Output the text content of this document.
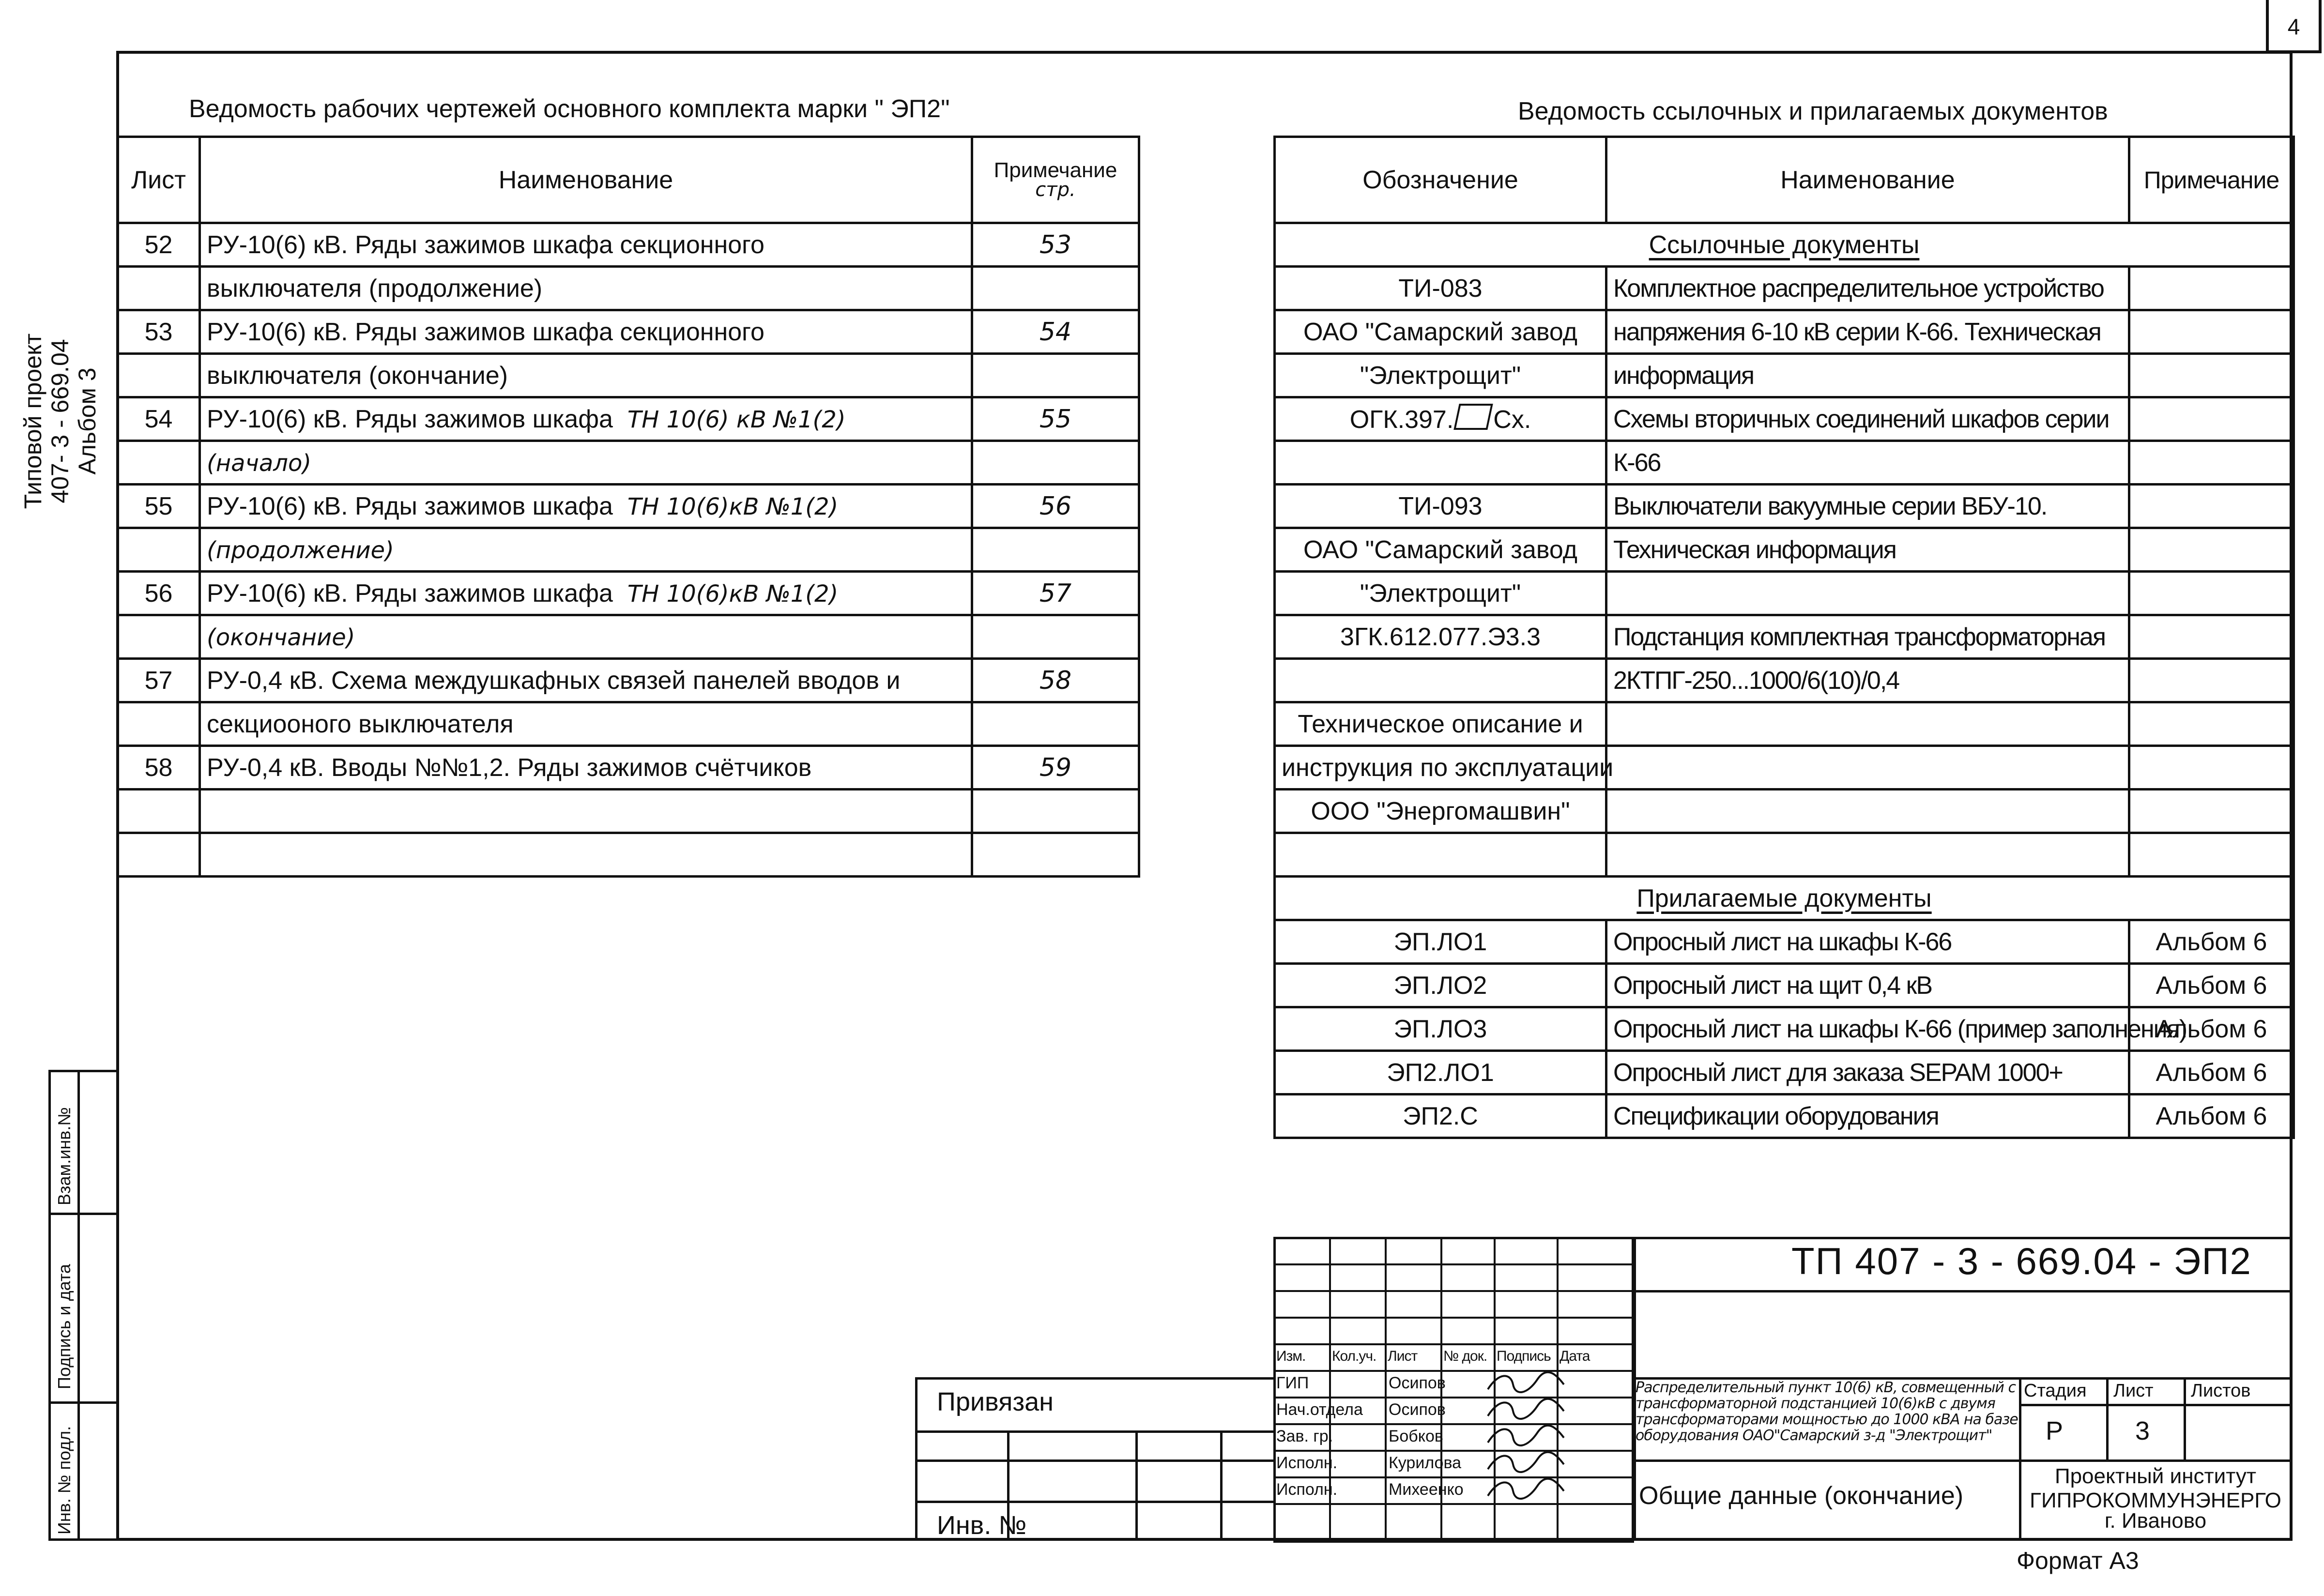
4
Типовой проект 407- 3 - 669.04 Альбом 3
Взам.инв.№
Подпись и дата
Инв. № подл.
Ведомость рабочих чертежей основного комплекта марки " ЭП2"
Лист	Наименование	Примечание
стр.

52	РУ-10(6) кВ. Ряды зажимов шкафа секционного	53
	выключателя (продолжение)	
53	РУ-10(6) кВ. Ряды зажимов шкафа секционного	54
	выключателя (окончание)	
54	РУ-10(6) кВ. Ряды зажимов шкафа ТН 10(6) кВ №1(2)	55
	(начало)	
55	РУ-10(6) кВ. Ряды зажимов шкафа ТН 10(6)кВ №1(2)	56
	(продолжение)	
56	РУ-10(6) кВ. Ряды зажимов шкафа ТН 10(6)кВ №1(2)	57
	(окончание)	
57	РУ-0,4 кВ. Схема междушкафных связей панелей вводов и	58
	секциооного выключателя	
58	РУ-0,4 кВ. Вводы №№1,2. Ряды зажимов счётчиков	59

Ведомость ссылочных и прилагаемых документов
Обозначение	Наименование	Примечание
Ссылочные документы		
ТИ-083	Комплектное распределительное устройство	
ОАО "Самарский завод	напряжения 6-10 кВ серии К-66. Техническая	
"Электрощит"	информация	
ОГК.397. Сх.	Схемы вторичных соединений шкафов серии	
	К-66	
ТИ-093	Выключатели вакуумные серии ВБУ-10.	
ОАО "Самарский завод	Техническая информация	
"Электрощит"		
3ГК.612.077.Э3.3	Подстанция комплектная трансформаторная	
	2КТПГ-250...1000/6(10)/0,4	
Техническое описание и		
инструкция по эксплуатации		
ООО "Энергомашвин"		

Прилагаемые документы		
ЭП.ЛО1	Опросный лист на шкафы К-66	Альбом 6
ЭП.ЛО2	Опросный лист на щит 0,4 кВ	Альбом 6
ЭП.ЛО3	Опросный лист на шкафы К-66 (пример заполнения)	Альбом 6
ЭП2.ЛО1	Опросный лист для заказа SEPAM 1000+	Альбом 6
ЭП2.С	Спецификации оборудования	Альбом 6
Изм. Кол.уч. Лист № док. Подпись Дата
ГИП	Осипов
Нач.отдела Осипов
Зав. гр.	Бобков
Исполн.	Курилова
Исполн.	Михеенко
ТП 407 - 3 - 669.04 - ЭП2
Распределительный пункт 10(6) кВ, совмещенный с трансформаторной подстанцией 10(6)кВ с двумя трансформаторами мощностью до 1000 кВА на базе оборудования ОАО"Самарский з-д "Электрощит"
Общие данные (окончание)
Стадия Лист Листов
Р	3
Проектный институт
ГИПРОКОММУНЭНЕРГО
г. Иваново
Привязан
Инв. №
Формат А3
